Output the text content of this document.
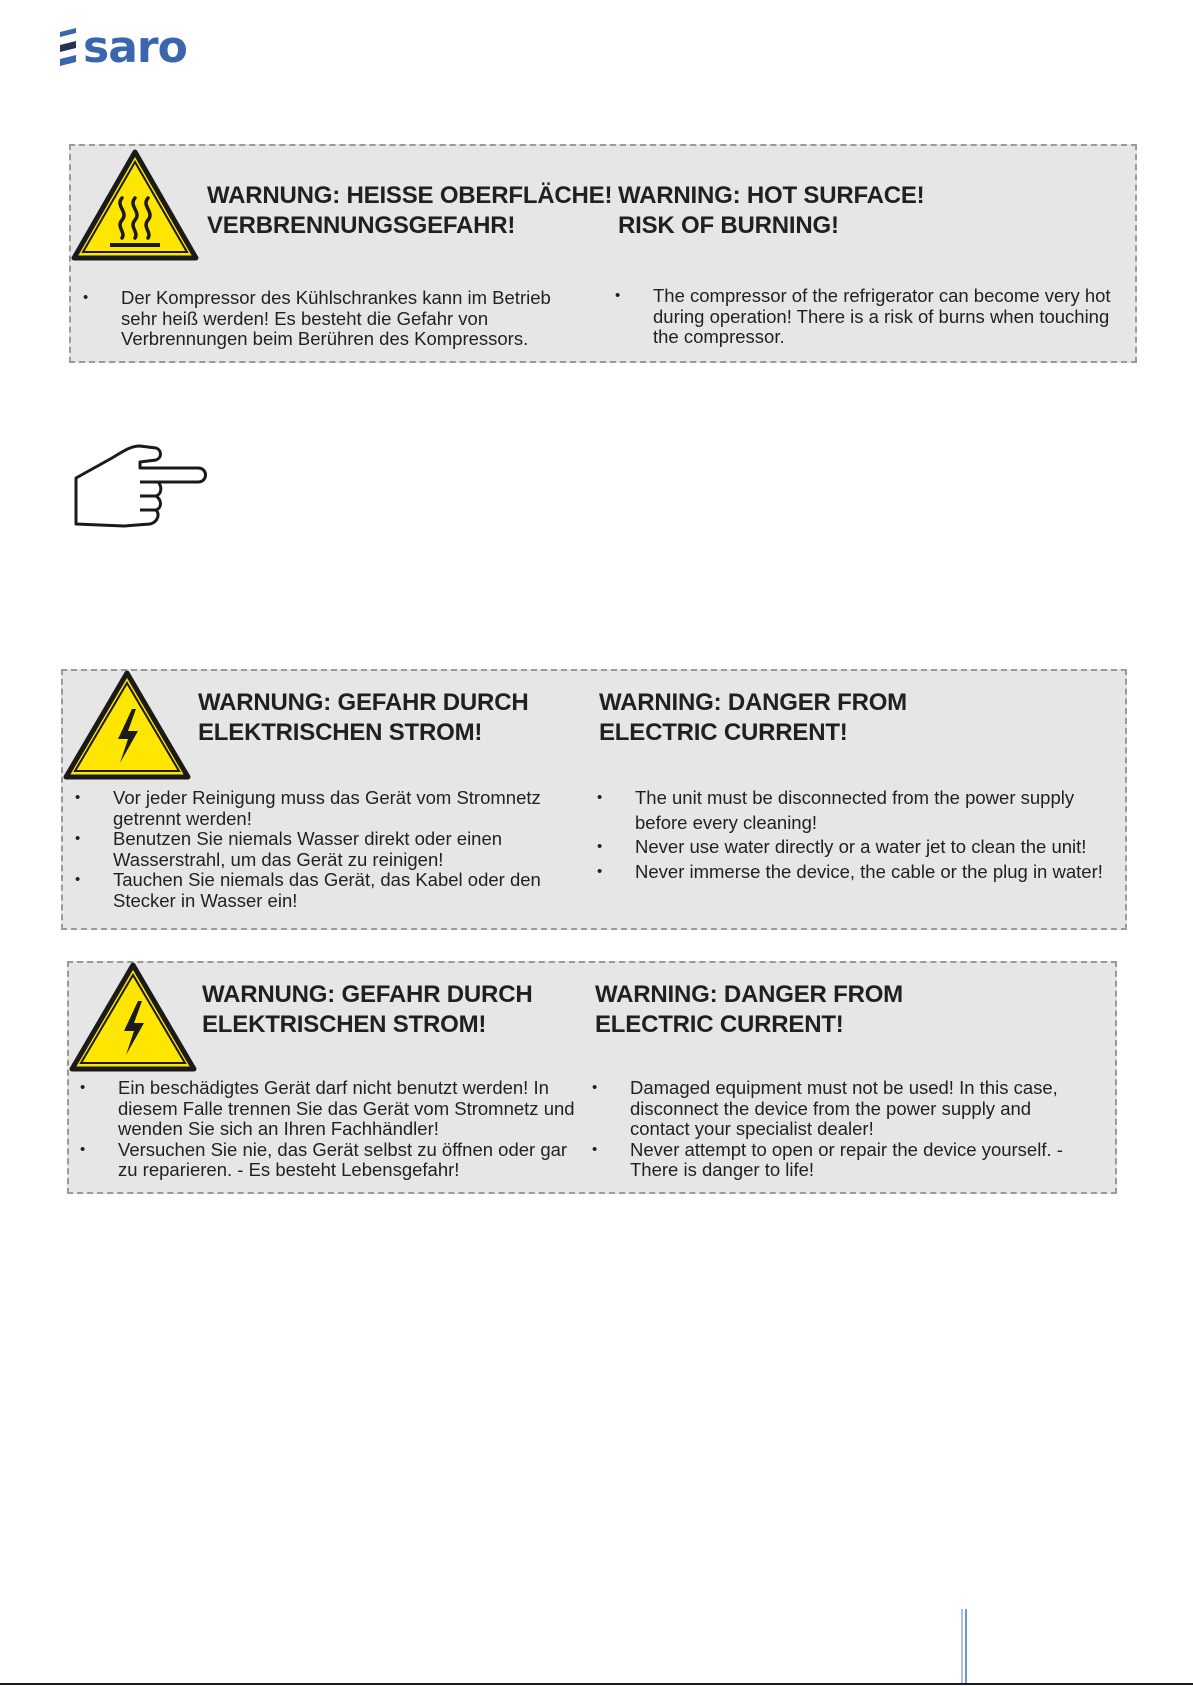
saro
WARNUNG: HEISSE OBERFLÄCHE!
VERBRENNUNGSGEFAHR!
WARNING: HOT SURFACE!
RISK OF BURNING!
• Der Kompressor des Kühlschrankes kann im Betrieb sehr heiß werden! Es besteht die Gefahr von Verbrennungen beim Berühren des Kompressors.
• The compressor of the refrigerator can become very hot during operation! There is a risk of burns when touching the compressor.
WARNUNG: GEFAHR DURCH
ELEKTRISCHEN STROM!
WARNING: DANGER FROM
ELECTRIC CURRENT!
• Vor jeder Reinigung muss das Gerät vom Stromnetz getrennt werden!
• Benutzen Sie niemals Wasser direkt oder einen Wasserstrahl, um das Gerät zu reinigen!
• Tauchen Sie niemals das Gerät, das Kabel oder den Stecker in Wasser ein!
• The unit must be disconnected from the power supply before every cleaning!
• Never use water directly or a water jet to clean the unit!
• Never immerse the device, the cable or the plug in water!
WARNUNG: GEFAHR DURCH
ELEKTRISCHEN STROM!
WARNING: DANGER FROM
ELECTRIC CURRENT!
• Ein beschädigtes Gerät darf nicht benutzt werden! In diesem Falle trennen Sie das Gerät vom Stromnetz und wenden Sie sich an Ihren Fachhändler!
• Versuchen Sie nie, das Gerät selbst zu öffnen oder gar zu reparieren. - Es besteht Lebensgefahr!
• Damaged equipment must not be used! In this case, disconnect the device from the power supply and contact your specialist dealer!
• Never attempt to open or repair the device yourself. - There is danger to life!
